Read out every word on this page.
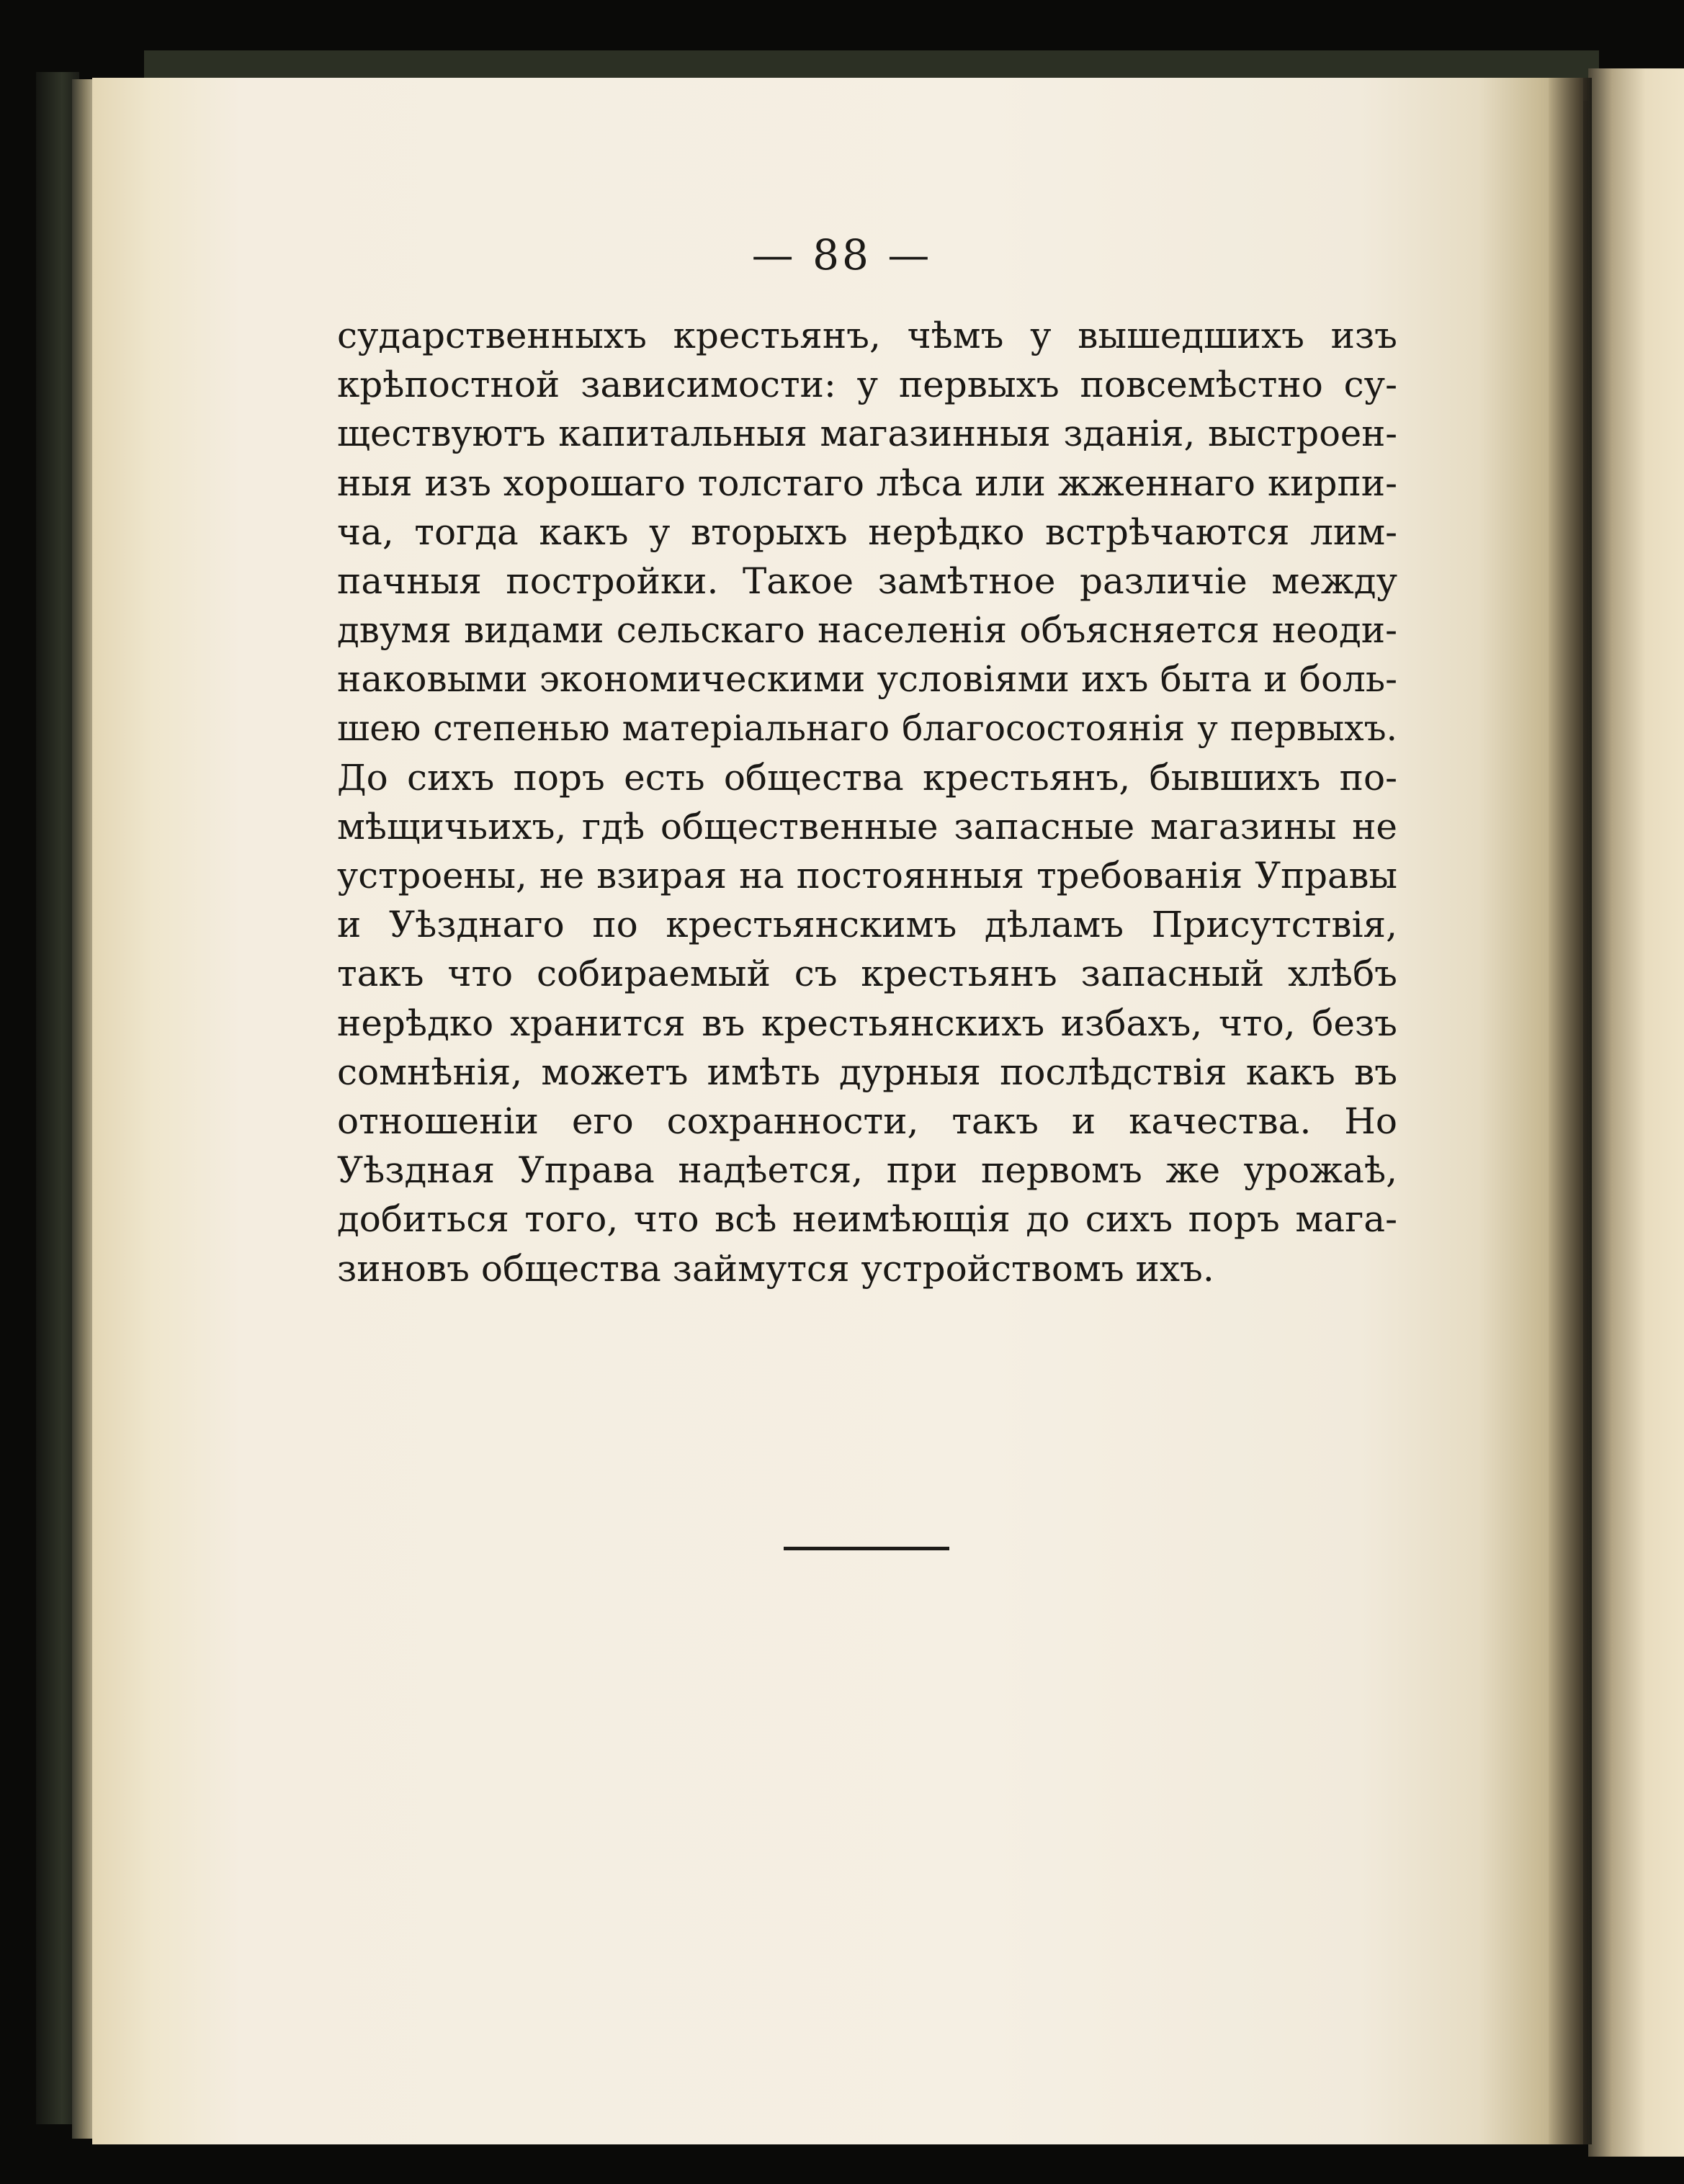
— 88 —
сударственныхъ крестьянъ, чѣмъ у вышедшихъ изъ
крѣпостной зависимости: у первыхъ повсемѣстно су-
ществуютъ капитальныя магазинныя зданія, выстроен-
ныя изъ хорошаго толстаго лѣса или жженнаго кирпи-
ча, тогда какъ у вторыхъ нерѣдко встрѣчаются лим-
пачныя постройки. Такое замѣтное различіе между
двумя видами сельскаго населенія объясняется неоди-
наковыми экономическими условіями ихъ быта и боль-
шею степенью матеріальнаго благосостоянія у первыхъ.
До сихъ поръ есть общества крестьянъ, бывшихъ по-
мѣщичьихъ, гдѣ общественные запасные магазины не
устроены, не взирая на постоянныя требованія Управы
и Уѣзднаго по крестьянскимъ дѣламъ Присутствія,
такъ что собираемый съ крестьянъ запасный хлѣбъ
нерѣдко хранится въ крестьянскихъ избахъ, что, безъ
сомнѣнія, можетъ имѣть дурныя послѣдствія какъ въ
отношеніи его сохранности, такъ и качества. Но
Уѣздная Управа надѣется, при первомъ же урожаѣ,
добиться того, что всѣ неимѣющія до сихъ поръ мага-
зиновъ общества займутся устройствомъ ихъ.
